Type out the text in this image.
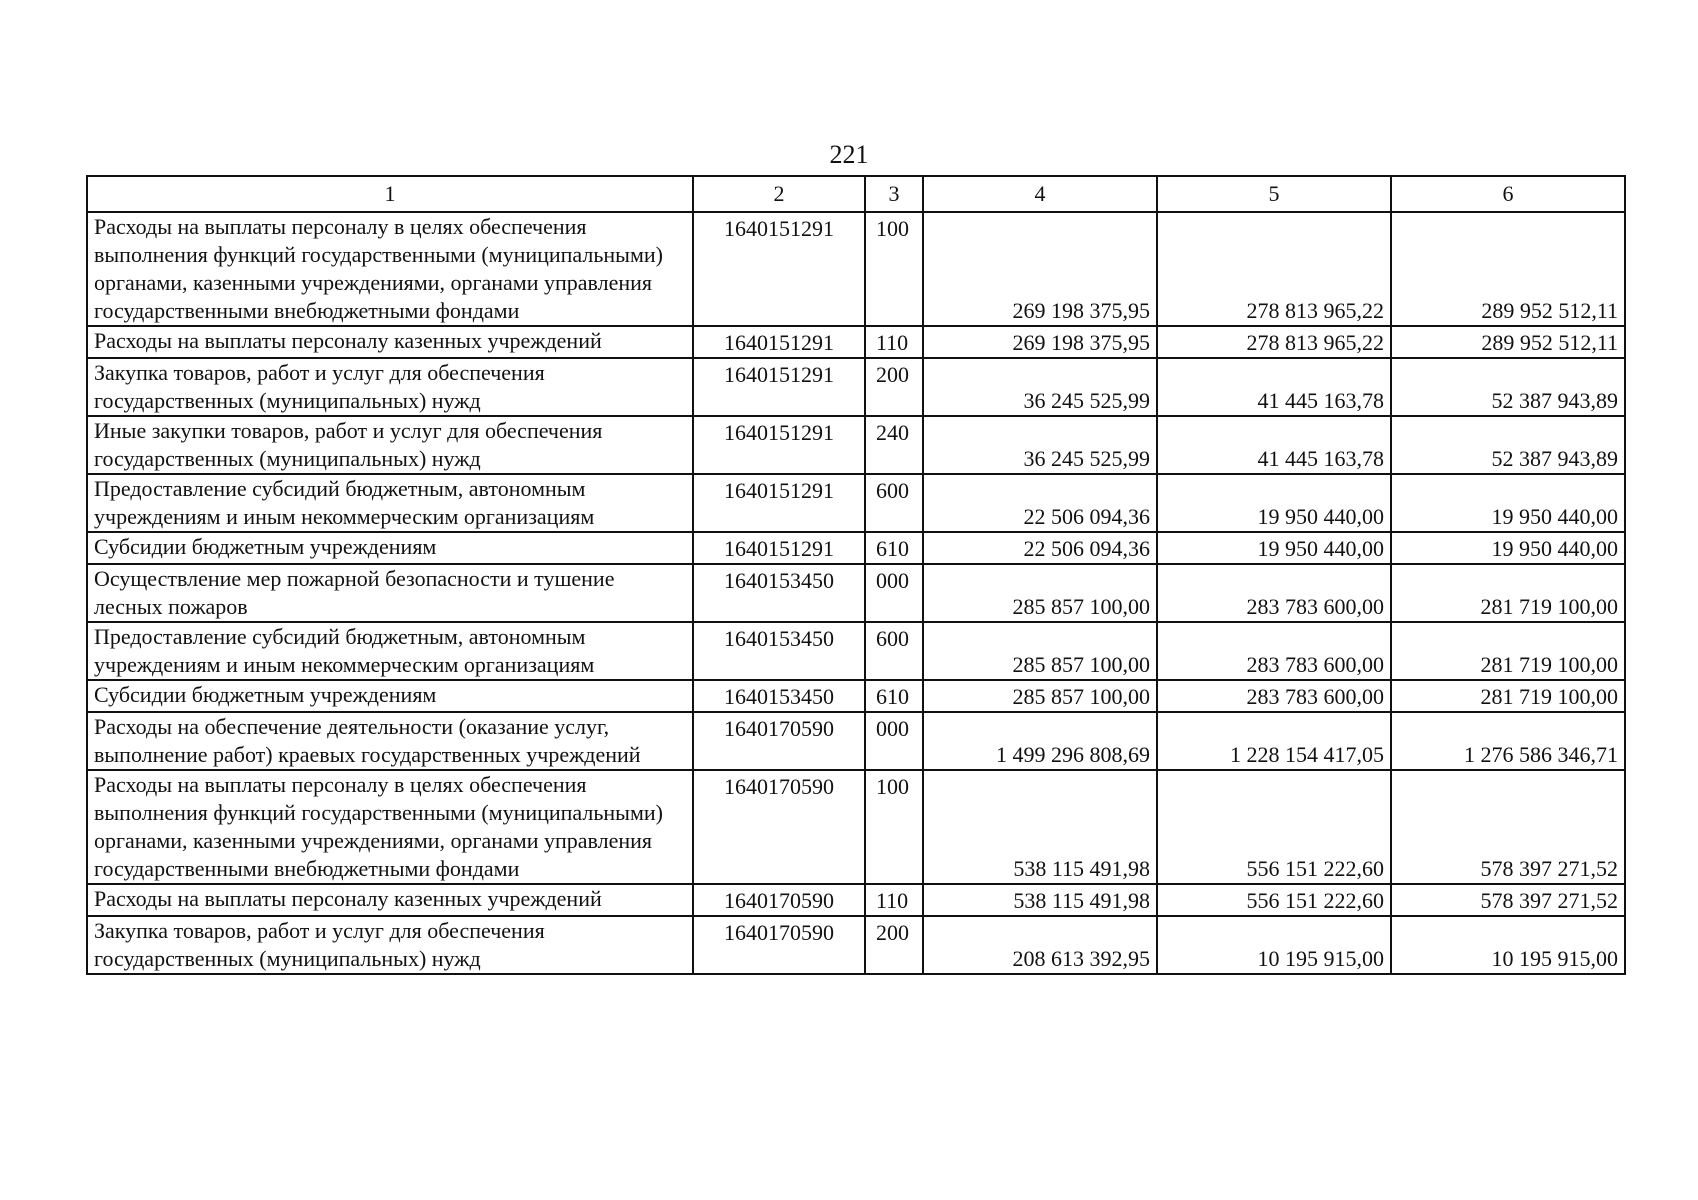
221
1	2	3	4	5	6
Расходы на выплаты персоналу в целях обеспечения выполнения функций государственными (муниципальными) органами, казенными учреждениями, органами управления государственными внебюджетными фондами	1640151291	100	269 198 375,95	278 813 965,22	289 952 512,11
Расходы на выплаты персоналу казенных учреждений	1640151291	110	269 198 375,95	278 813 965,22	289 952 512,11
Закупка товаров, работ и услуг для обеспечения государственных (муниципальных) нужд	1640151291	200	36 245 525,99	41 445 163,78	52 387 943,89
Иные закупки товаров, работ и услуг для обеспечения государственных (муниципальных) нужд	1640151291	240	36 245 525,99	41 445 163,78	52 387 943,89
Предоставление субсидий бюджетным, автономным учреждениям и иным некоммерческим организациям	1640151291	600	22 506 094,36	19 950 440,00	19 950 440,00
Субсидии бюджетным учреждениям	1640151291	610	22 506 094,36	19 950 440,00	19 950 440,00
Осуществление мер пожарной безопасности и тушение лесных пожаров	1640153450	000	285 857 100,00	283 783 600,00	281 719 100,00
Предоставление субсидий бюджетным, автономным учреждениям и иным некоммерческим организациям	1640153450	600	285 857 100,00	283 783 600,00	281 719 100,00
Субсидии бюджетным учреждениям	1640153450	610	285 857 100,00	283 783 600,00	281 719 100,00
Расходы на обеспечение деятельности (оказание услуг, выполнение работ) краевых государственных учреждений	1640170590	000	1 499 296 808,69	1 228 154 417,05	1 276 586 346,71
Расходы на выплаты персоналу в целях обеспечения выполнения функций государственными (муниципальными) органами, казенными учреждениями, органами управления государственными внебюджетными фондами	1640170590	100	538 115 491,98	556 151 222,60	578 397 271,52
Расходы на выплаты персоналу казенных учреждений	1640170590	110	538 115 491,98	556 151 222,60	578 397 271,52
Закупка товаров, работ и услуг для обеспечения государственных (муниципальных) нужд	1640170590	200	208 613 392,95	10 195 915,00	10 195 915,00
